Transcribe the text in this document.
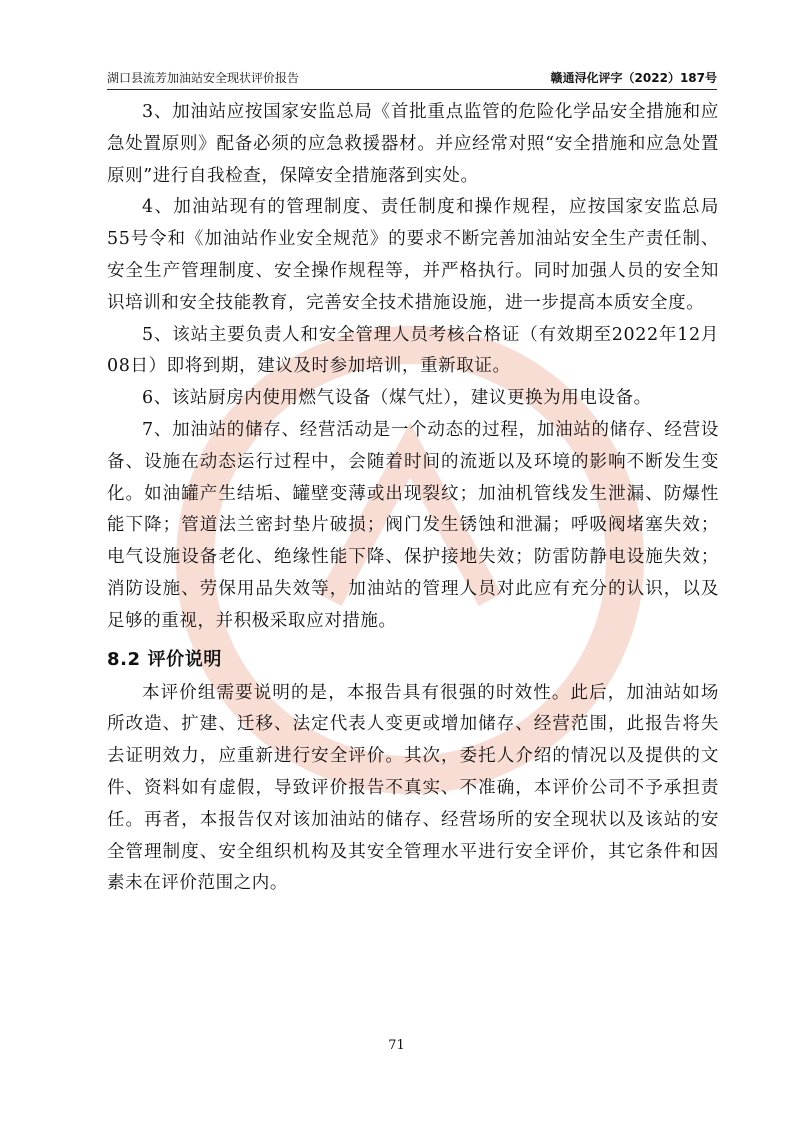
湖口县流芳加油站安全现状评价报告	赣通浔化评字（2022）187号

3、加油站应按国家安监总局《首批重点监管的危险化学品安全措施和应急处置原则》配备必须的应急救援器材。并应经常对照“安全措施和应急处置原则”进行自我检查，保障安全措施落到实处。

4、加油站现有的管理制度、责任制度和操作规程，应按国家安监总局55号令和《加油站作业安全规范》的要求不断完善加油站安全生产责任制、安全生产管理制度、安全操作规程等，并严格执行。同时加强人员的安全知识培训和安全技能教育，完善安全技术措施设施，进一步提高本质安全度。

5、该站主要负责人和安全管理人员考核合格证（有效期至2022年12月08日）即将到期，建议及时参加培训，重新取证。

6、该站厨房内使用燃气设备（煤气灶），建议更换为用电设备。

7、加油站的储存、经营活动是一个动态的过程，加油站的储存、经营设备、设施在动态运行过程中，会随着时间的流逝以及环境的影响不断发生变化。如油罐产生结垢、罐壁变薄或出现裂纹；加油机管线发生泄漏、防爆性能下降；管道法兰密封垫片破损；阀门发生锈蚀和泄漏；呼吸阀堵塞失效；电气设施设备老化、绝缘性能下降、保护接地失效；防雷防静电设施失效；消防设施、劳保用品失效等，加油站的管理人员对此应有充分的认识，以及足够的重视，并积极采取应对措施。

8.2 评价说明

本评价组需要说明的是，本报告具有很强的时效性。此后，加油站如场所改造、扩建、迁移、法定代表人变更或增加储存、经营范围，此报告将失去证明效力，应重新进行安全评价。其次，委托人介绍的情况以及提供的文件、资料如有虚假，导致评价报告不真实、不准确，本评价公司不予承担责任。再者，本报告仅对该加油站的储存、经营场所的安全现状以及该站的安全管理制度、安全组织机构及其安全管理水平进行安全评价，其它条件和因素未在评价范围之内。

71
